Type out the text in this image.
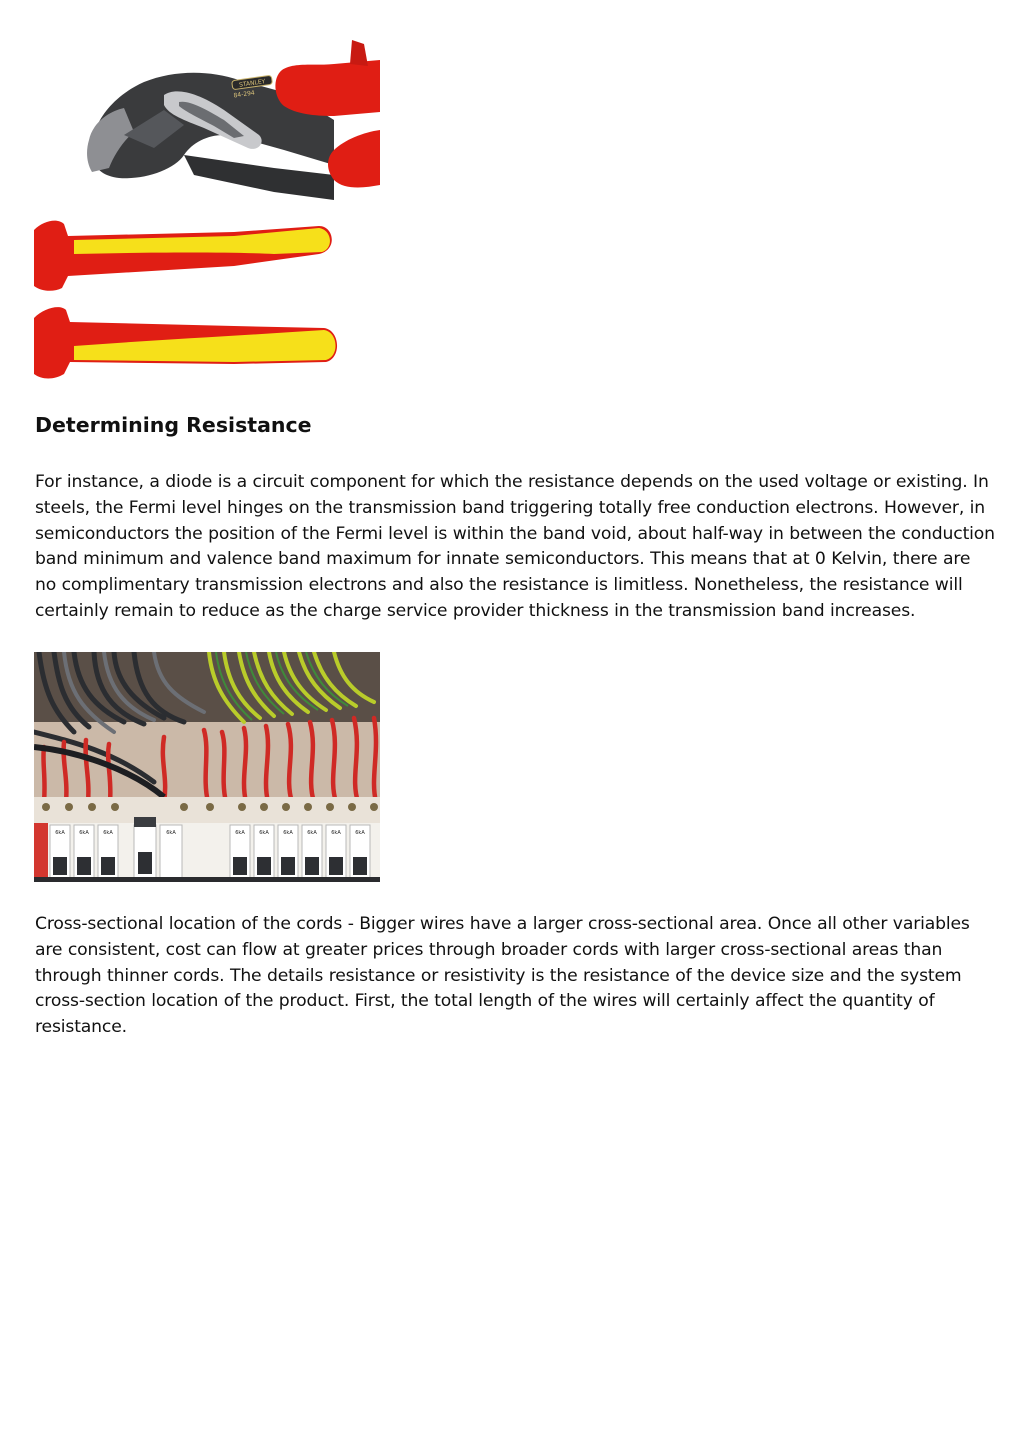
STANLEY
84-294
Determining Resistance

For instance, a diode is a circuit component for which the resistance depends on the used voltage or existing. In steels, the Fermi level hinges on the transmission band triggering totally free conduction electrons. However, in semiconductors the position of the Fermi level is within the band void, about half-way in between the conduction band minimum and valence band maximum for innate semiconductors. This means that at 0 Kelvin, there are no complimentary transmission electrons and also the resistance is limitless. Nonetheless, the resistance will certainly remain to reduce as the charge service provider thickness in the transmission band increases.

6kA	6kA	6kA	6kA	6kA	6kA	6kA	6kA	6kA	6kA

Cross-sectional location of the cords - Bigger wires have a larger cross-sectional area. Once all other variables are consistent, cost can flow at greater prices through broader cords with larger cross-sectional areas than through thinner cords. The details resistance or resistivity is the resistance of the device size and the system cross-section location of the product. First, the total length of the wires will certainly affect the quantity of resistance.
